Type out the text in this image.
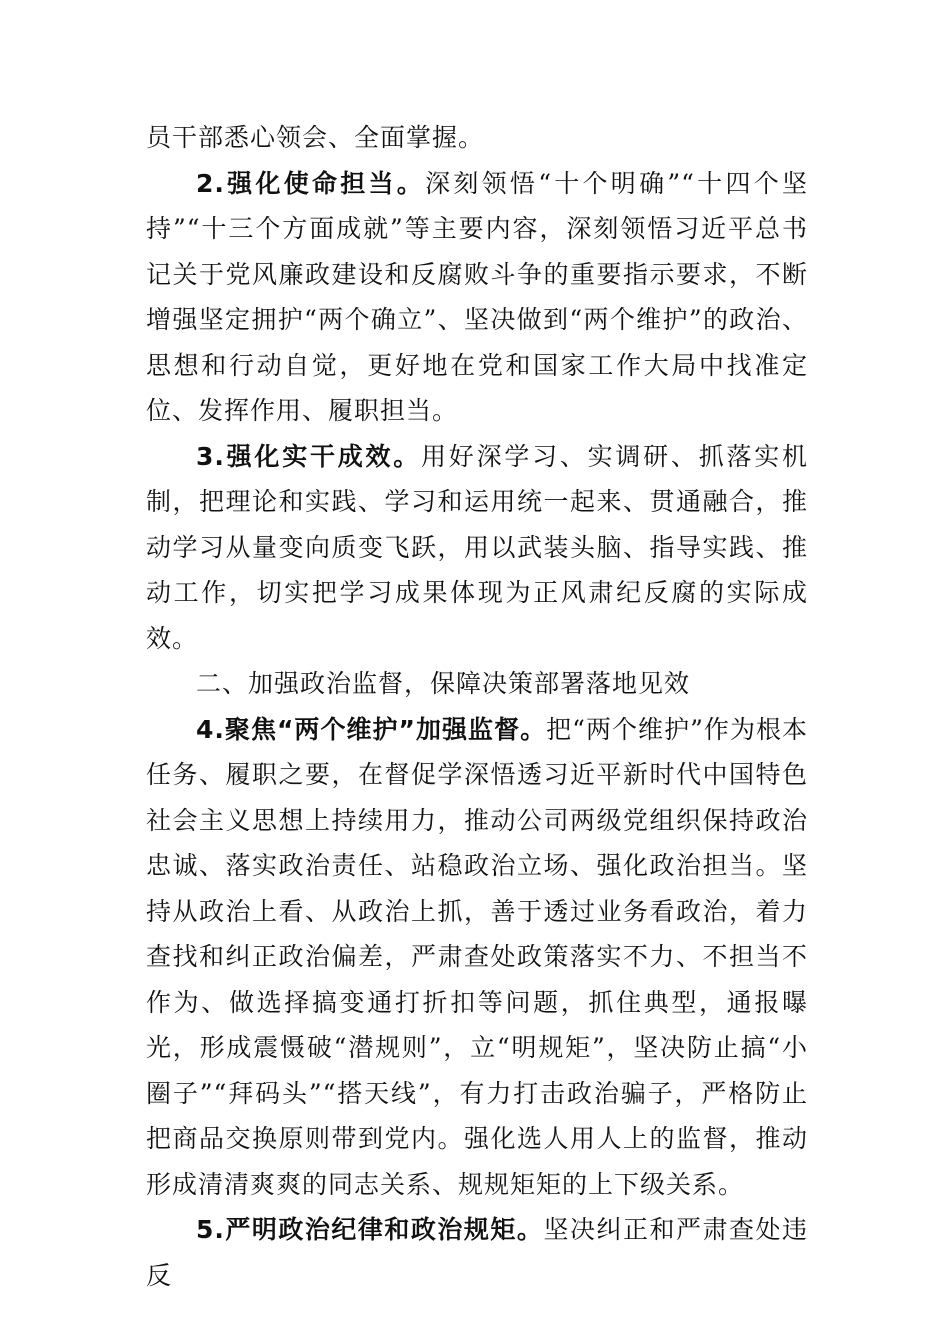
员干部悉心领会、全面掌握。

2.强化使命担当。深刻领悟“十个明确”“十四个坚持”“十三个方面成就”等主要内容，深刻领悟习近平总书记关于党风廉政建设和反腐败斗争的重要指示要求，不断增强坚定拥护“两个确立”、坚决做到“两个维护”的政治、思想和行动自觉，更好地在党和国家工作大局中找准定位、发挥作用、履职担当。

3.强化实干成效。用好深学习、实调研、抓落实机制，把理论和实践、学习和运用统一起来、贯通融合，推动学习从量变向质变飞跃，用以武装头脑、指导实践、推动工作，切实把学习成果体现为正风肃纪反腐的实际成效。

二、加强政治监督，保障决策部署落地见效

4.聚焦“两个维护”加强监督。把“两个维护”作为根本任务、履职之要，在督促学深悟透习近平新时代中国特色社会主义思想上持续用力，推动公司两级党组织保持政治忠诚、落实政治责任、站稳政治立场、强化政治担当。坚持从政治上看、从政治上抓，善于透过业务看政治，着力查找和纠正政治偏差，严肃查处政策落实不力、不担当不作为、做选择搞变通打折扣等问题，抓住典型，通报曝光，形成震慑破“潜规则”，立“明规矩”，坚决防止搞“小圈子”“拜码头”“搭天线”，有力打击政治骗子，严格防止把商品交换原则带到党内。强化选人用人上的监督，推动形成清清爽爽的同志关系、规规矩矩的上下级关系。

5.严明政治纪律和政治规矩。坚决纠正和严肃查处违反
